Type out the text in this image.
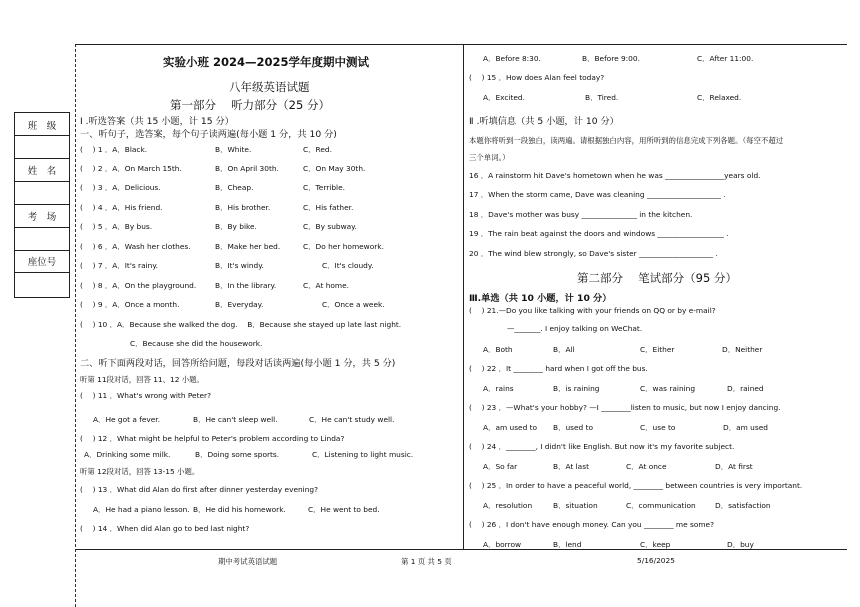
班　级
姓　名
考　场
座位号
实验小班 2024—2025学年度期中测试
八年级英语试题
第一部分　 听力部分（25 分）
Ⅰ .听选答案（共 15 小题，计 15 分）
一、听句子，选答案，每个句子读两遍(每小题 1 分，共 10 分)
(　 ) 1 ．A．Black.	B．White.	C．Red.
(　 ) 2 ．A．On March 15th.	B．On April 30th.	C．On May 30th.
(　 ) 3 ．A．Delicious.	B．Cheap.	C．Terrible.
(　 ) 4 ．A．His friend.	B．His brother.	C．His father.
(　 ) 5 ．A．By bus.	B．By bike.	C．By subway.
(　 ) 6 ．A．Wash her clothes.	B．Make her bed.	C．Do her homework.
(　 ) 7 ．A．It's rainy.	B．It's windy.	C．It's cloudy.
(　 ) 8 ．A．On the playground.	B．In the library.	C．At home.
(　 ) 9 ．A．Once a month.	B．Everyday.	C．Once a week.
(　 ) 10 ．A．Because she walked the dog.　 B．Because she stayed up late last night.
C．Because she did the housework.
二、听下面两段对话，回答所给问题，每段对话读两遍(每小题 1 分，共 5 分)
听第 11段对话，回答 11、12 小题。
(　 ) 11 ．What's wrong with Peter?
A．He got a fever.	B．He can't sleep well.	C．He can't study well.
(　 ) 12 ．What might be helpful to Peter's problem according to Linda?
A．Drinking some milk.	B．Doing some sports.	C．Listening to light music.
听第 12段对话，回答 13-15 小题。
(　 ) 13 ．What did Alan do first after dinner yesterday evening?
A．He had a piano lesson. B．He did his homework.	C．He went to bed.
(　 ) 14 ．When did Alan go to bed last night?
A．Before 8:30.	B．Before 9:00.	C．After 11:00.
(　 ) 15 ．How does Alan feel today?
A．Excited.	B．Tired.	C．Relaxed.
Ⅱ .听填信息（共 5 小题，计 10 分）
本题你将听到一段独白，读两遍。请根据独白内容，用所听到的信息完成下列各题。（每空不超过
三个单词。）
16 ．A rainstorm hit Dave's hometown when he was ________________years old.
17 ．When the storm came, Dave was cleaning ____________________ .
18 ．Dave's mother was busy _______________ in the kitchen.
19 ．The rain beat against the doors and windows __________________ .
20 ．The wind blew strongly, so Dave's sister ____________________ .
第二部分　 笔试部分（95 分）
Ⅲ.单选（共 10 小题，计 10 分）
(　 ) 21.—Do you like talking with your friends on QQ or by e-mail?
—_______. I enjoy talking on WeChat.
A．Both	B．All	C．Either	D．Neither
(　 ) 22 ．It ________ hard when I got off the bus.
A．rains	B．is raining	C．was raining	D．rained
(　 ) 23 ．—What's your hobby? —I ________listen to music, but now I enjoy dancing.
A．am used to B．used to	C．use to	D．am used
(　 ) 24 ．________, I didn't like English. But now it's my favorite subject.
A．So far	B．At last	C．At once	D．At first
(　 ) 25 ．In order to have a peaceful world, ________ between countries is very important.
A．resolution	B．situation	C．communication	D．satisfaction
(　 ) 26 ．I don't have enough money. Can you ________ me some?
A．borrow	B．lend	C．keep	D．buy
期中考试英语试题	第 1 页 共 5 页	5/16/2025
